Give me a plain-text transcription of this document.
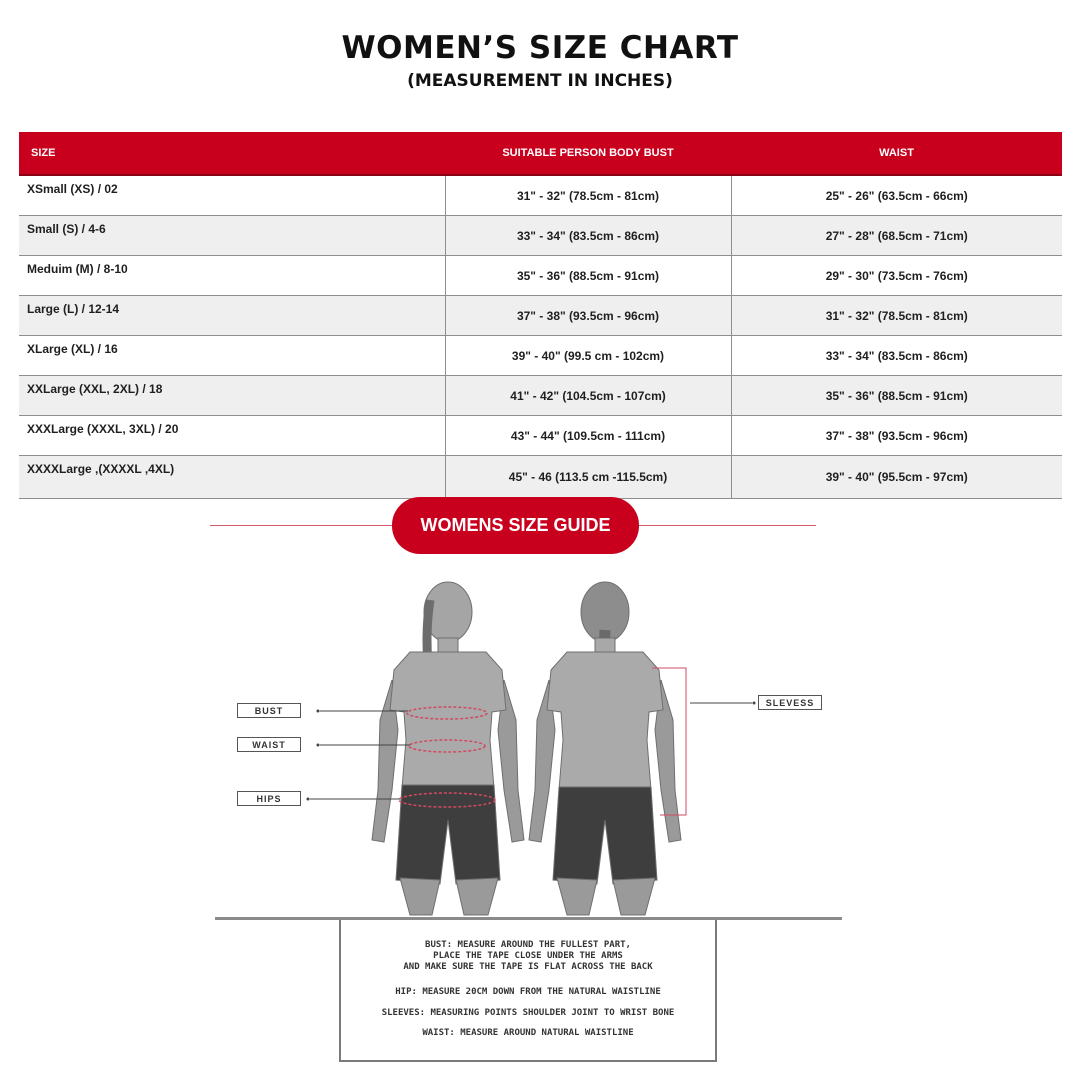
WOMEN’S SIZE CHART
(MEASUREMENT IN INCHES)
SIZE	SUITABLE PERSON BODY BUST	WAIST
XSmall (XS) / 02	31" - 32" (78.5cm - 81cm)	25" - 26" (63.5cm - 66cm)
Small (S) / 4-6	33" - 34" (83.5cm - 86cm)	27" - 28" (68.5cm - 71cm)
Meduim (M) / 8-10	35" - 36" (88.5cm - 91cm)	29" - 30" (73.5cm - 76cm)
Large (L) / 12-14	37" - 38" (93.5cm - 96cm)	31" - 32" (78.5cm - 81cm)
XLarge (XL) / 16	39" - 40" (99.5 cm - 102cm)	33" - 34" (83.5cm - 86cm)
XXLarge (XXL, 2XL) / 18	41" - 42" (104.5cm - 107cm)	35" - 36" (88.5cm - 91cm)
XXXLarge (XXXL, 3XL) / 20	43" - 44" (109.5cm - 111cm)	37" - 38" (93.5cm - 96cm)
XXXXLarge ,(XXXXL ,4XL)	45" - 46 (113.5 cm -115.5cm)	39" - 40" (95.5cm - 97cm)
WOMENS SIZE GUIDE
BUST
WAIST
HIPS
SLEVESS
BUST: MEASURE AROUND THE FULLEST PART,
PLACE THE TAPE CLOSE UNDER THE ARMS
AND MAKE SURE THE TAPE IS FLAT ACROSS THE BACK
HIP: MEASURE 20CM DOWN FROM THE NATURAL WAISTLINE
SLEEVES: MEASURING POINTS SHOULDER JOINT TO WRIST BONE
WAIST: MEASURE AROUND NATURAL WAISTLINE
